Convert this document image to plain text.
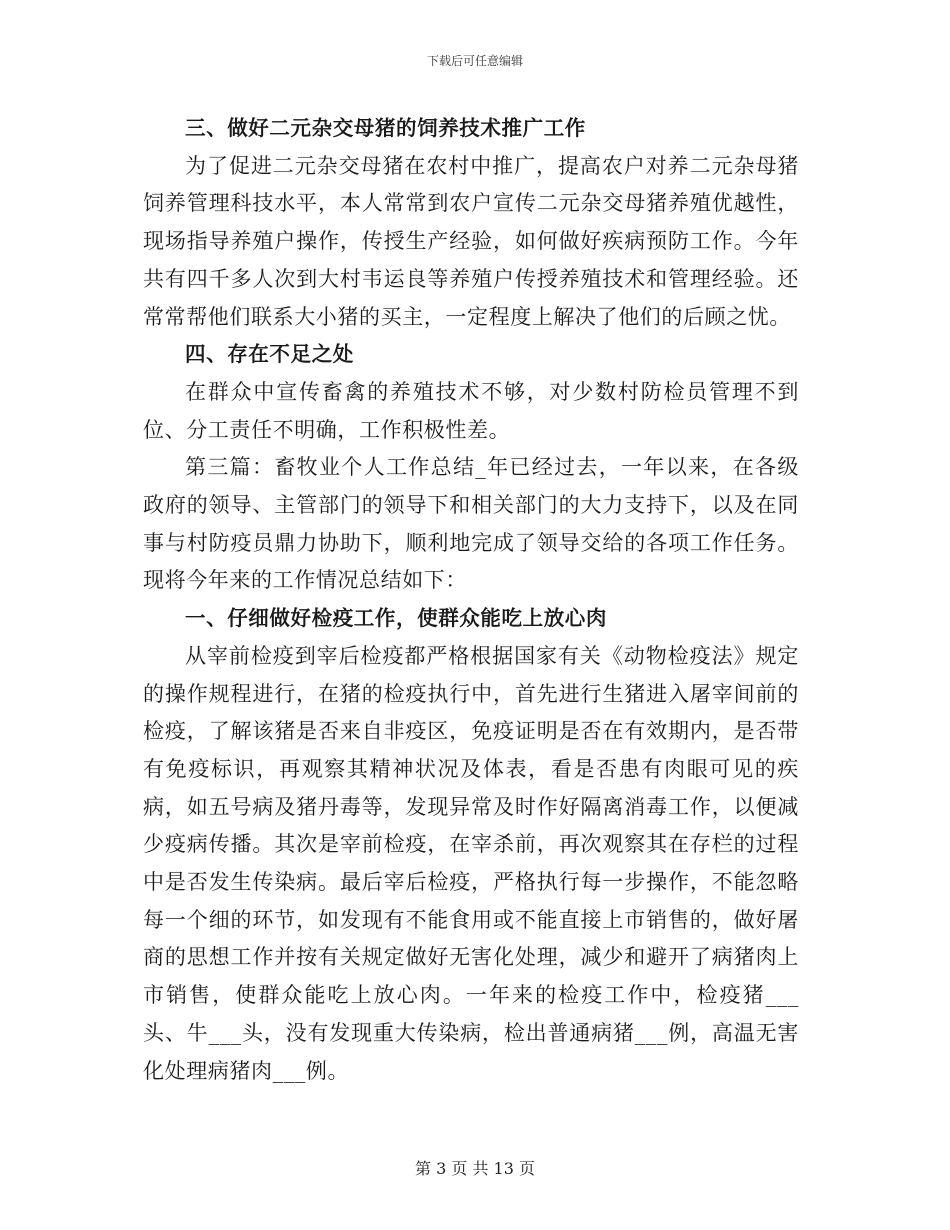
下载后可任意编辑

三、做好二元杂交母猪的饲养技术推广工作

为了促进二元杂交母猪在农村中推广，提高农户对养二元杂母猪饲养管理科技水平，本人常常到农户宣传二元杂交母猪养殖优越性，现场指导养殖户操作，传授生产经验，如何做好疾病预防工作。今年共有四千多人次到大村韦运良等养殖户传授养殖技术和管理经验。还常常帮他们联系大小猪的买主，一定程度上解决了他们的后顾之忧。

四、存在不足之处

在群众中宣传畜禽的养殖技术不够，对少数村防检员管理不到位、分工责任不明确，工作积极性差。

第三篇：畜牧业个人工作总结_年已经过去，一年以来，在各级政府的领导、主管部门的领导下和相关部门的大力支持下，以及在同事与村防疫员鼎力协助下，顺利地完成了领导交给的各项工作任务。现将今年来的工作情况总结如下：

一、仔细做好检疫工作，使群众能吃上放心肉

从宰前检疫到宰后检疫都严格根据国家有关《动物检疫法》规定的操作规程进行，在猪的检疫执行中，首先进行生猪进入屠宰间前的检疫，了解该猪是否来自非疫区，免疫证明是否在有效期内，是否带有免疫标识，再观察其精神状况及体表，看是否患有肉眼可见的疾病，如五号病及猪丹毒等，发现异常及时作好隔离消毒工作，以便减少疫病传播。其次是宰前检疫，在宰杀前，再次观察其在存栏的过程中是否发生传染病。最后宰后检疫，严格执行每一步操作，不能忽略每一个细的环节，如发现有不能食用或不能直接上市销售的，做好屠商的思想工作并按有关规定做好无害化处理，减少和避开了病猪肉上市销售，使群众能吃上放心肉。一年来的检疫工作中，检疫猪___头、牛___头，没有发现重大传染病，检出普通病猪___例，高温无害化处理病猪肉___例。

第 3 页 共 13 页
